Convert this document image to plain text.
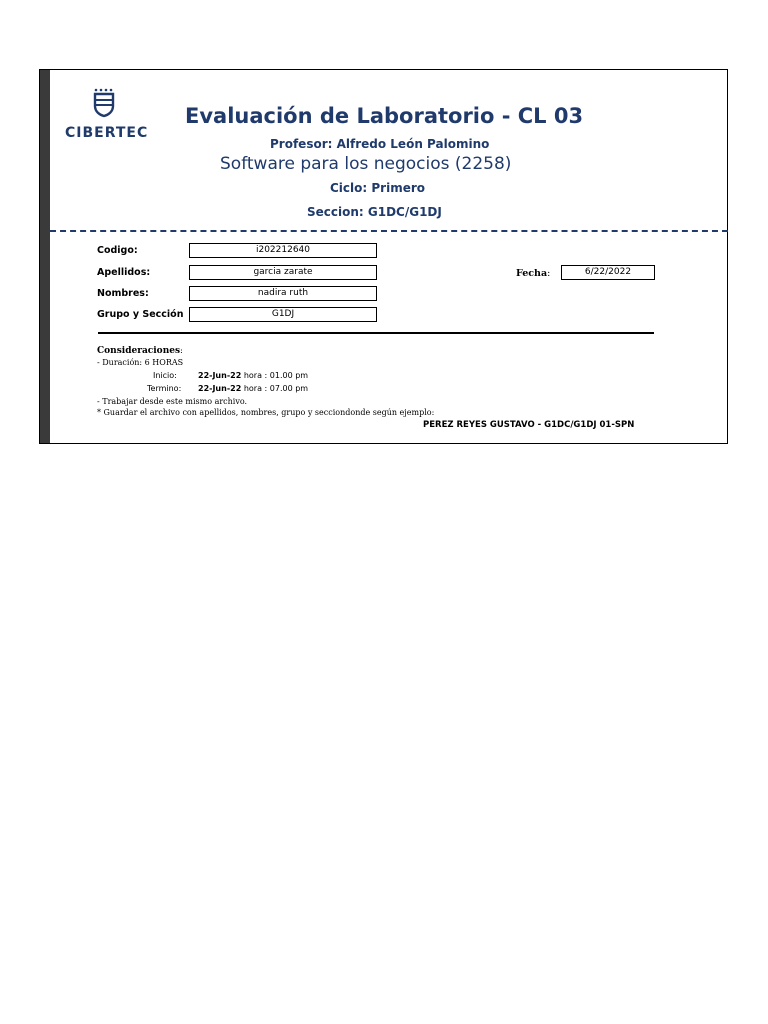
CIBERTEC
Evaluación de Laboratorio - CL 03
Profesor: Alfredo León Palomino
Software para los negocios (2258)
Ciclo: Primero
Seccion: G1DC/G1DJ
Codigo:	i202212640
Apellidos:	garcia zarate
Nombres:	nadira ruth
Grupo y Sección	G1DJ
Fecha:	6/22/2022
Consideraciones:
- Duración: 6 HORAS
Inicio:	22-Jun-22 hora : 01.00 pm
Termino: 22-Jun-22 hora : 07.00 pm
- Trabajar desde este mismo archivo.
* Guardar el archivo con apellidos, nombres, grupo y secciondonde según ejemplo:
PEREZ REYES GUSTAVO - G1DC/G1DJ 01-SPN
